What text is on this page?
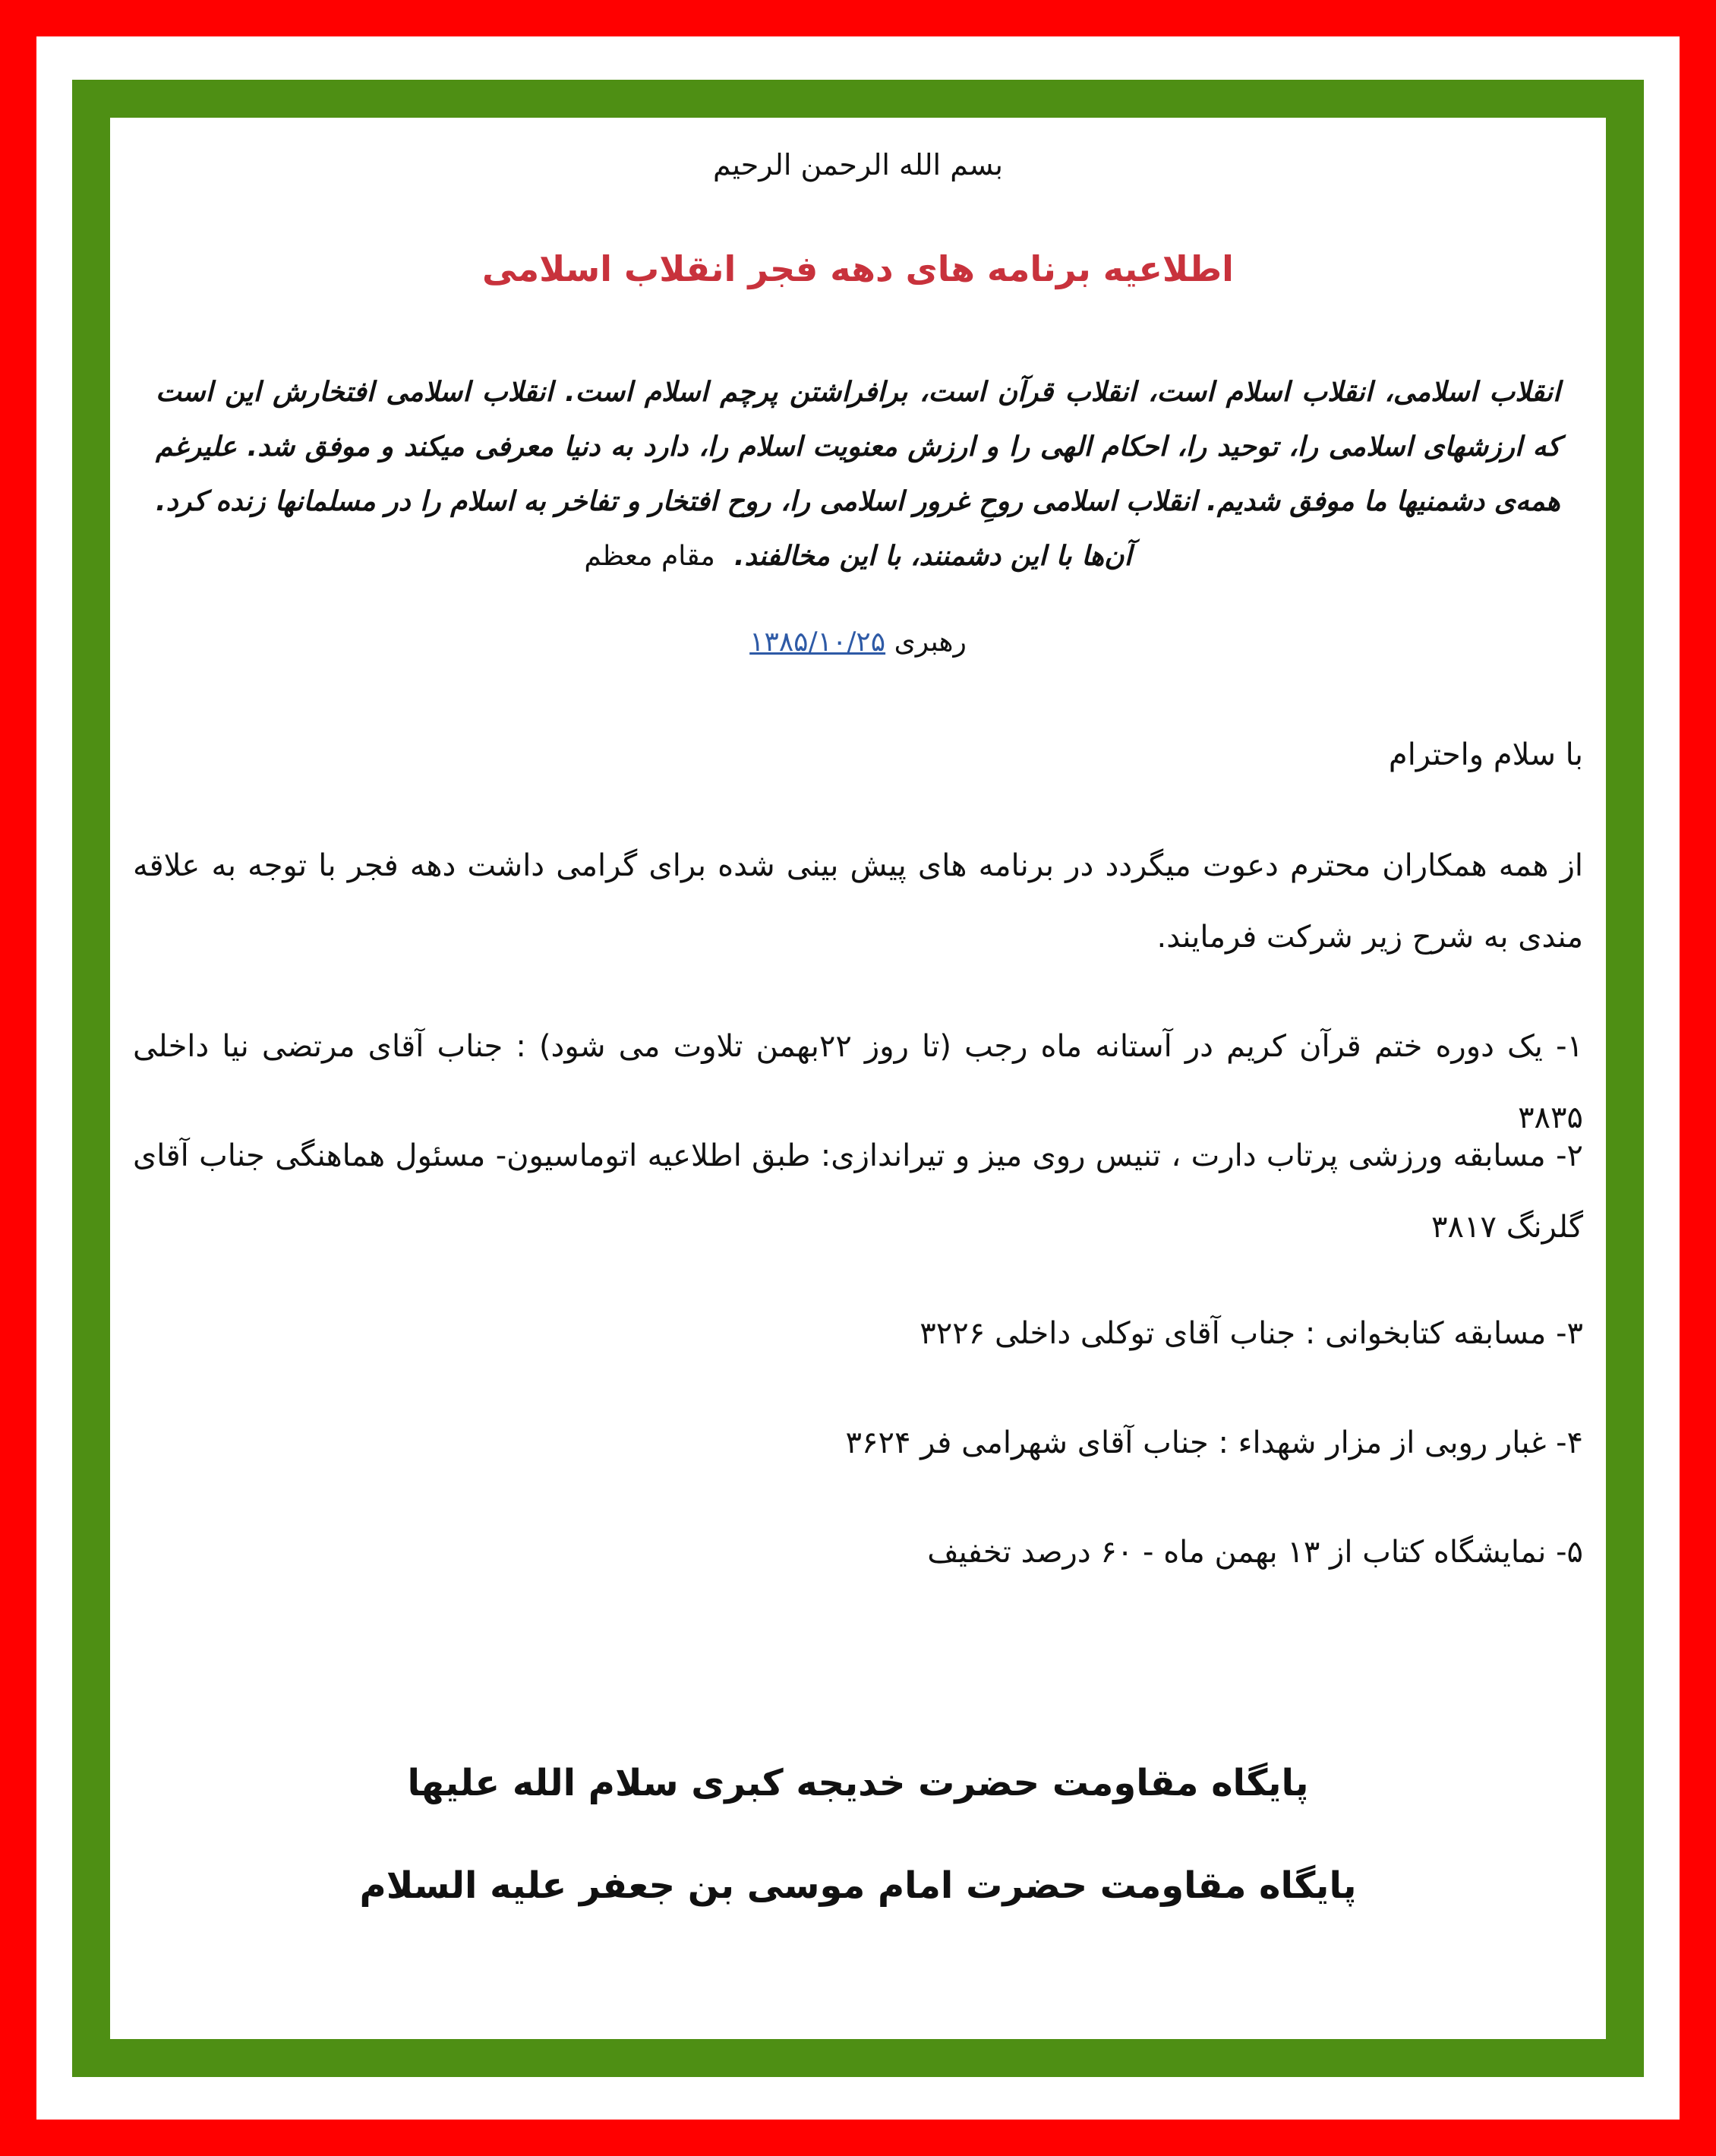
بسم الله الرحمن الرحیم
اطلاعیه برنامه های دهه فجر انقلاب اسلامی
انقلاب اسلامی، انقلاب اسلام است، انقلاب قرآن است، برافراشتن پرچم اسلام است. انقلاب اسلامی افتخارش این است که ارزشهای اسلامی را، توحید را، احکام الهی را و ارزش معنویت اسلام را، دارد به دنیا معرفی میکند و موفق شد. علیرغم همه‌ی دشمنیها ما موفق شدیم. انقلاب اسلامی روحِ غرور اسلامی را، روح افتخار و تفاخر به اسلام را در مسلمانها زنده کرد. آن‌ها با این دشمنند، با این مخالفند.  مقام معظم
رهبری ۱۳۸۵/۱۰/۲۵
با سلام واحترام
از همه همکاران محترم دعوت میگردد در برنامه های پیش بینی شده برای گرامی داشت دهه فجر با توجه به علاقه مندی به شرح زیر شرکت فرمایند.
۱- یک دوره ختم قرآن کریم در آستانه ماه رجب (تا روز ۲۲بهمن تلاوت می شود) : جناب آقای مرتضی نیا داخلی ۳۸۳۵
۲- مسابقه ورزشی پرتاب دارت ، تنیس روی میز و تیراندازی: طبق اطلاعیه اتوماسیون- مسئول هماهنگی جناب آقای گلرنگ ۳۸۱۷
۳- مسابقه کتابخوانی : جناب آقای توکلی داخلی ۳۲۲۶
۴- غبار روبی از مزار شهداء : جناب آقای شهرامی فر ۳۶۲۴
۵- نمایشگاه کتاب از ۱۳ بهمن ماه - ۶۰ درصد تخفیف
پایگاه مقاومت حضرت خدیجه کبری سلام الله علیها
پایگاه مقاومت حضرت امام موسی بن جعفر علیه السلام
